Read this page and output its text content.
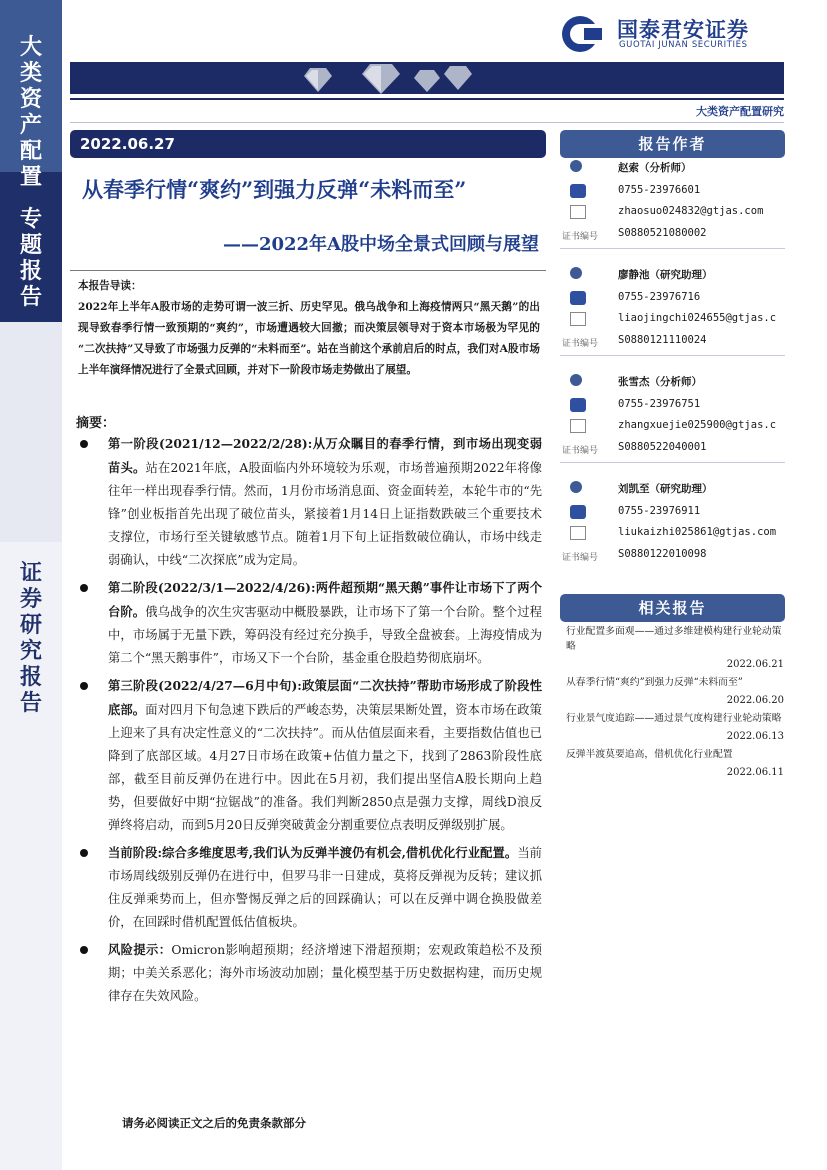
大
类
资
产
配
置
专
题
报
告
证
券
研
究
报
告
国泰君安证券
GUOTAI JUNAN SECURITIES
大类资产配置研究
2022.06.27
从春季行情“爽约”到强力反弹“未料而至”
——2022年A股中场全景式回顾与展望
本报告导读：
2022年上半年A股市场的走势可谓一波三折、历史罕见。俄乌战争和上海疫情两只“黑天鹅”的出现导致春季行情一致预期的“爽约”，市场遭遇较大回撤；而决策层领导对于资本市场极为罕见的 “二次扶持”又导致了市场强力反弹的“未料而至”。站在当前这个承前启后的时点，我们对A股市场上半年演绎情况进行了全景式回顾，并对下一阶段市场走势做出了展望。
摘要：
第一阶段(2021/12—2022/2/28):从万众瞩目的春季行情，到市场出现变弱苗头。站在2021年底，A股面临内外环境较为乐观，市场普遍预期2022年将像往年一样出现春季行情。然而，1月份市场消息面、资金面转差，本轮牛市的“先锋”创业板指首先出现了破位苗头，紧接着1月14日上证指数跌破三个重要技术支撑位，市场行至关键敏感节点。随着1月下旬上证指数破位确认，市场中线走弱确认，中线“二次探底”成为定局。
第二阶段(2022/3/1—2022/4/26):两件超预期“黑天鹅”事件让市场下了两个台阶。俄乌战争的次生灾害驱动中概股暴跌，让市场下了第一个台阶。整个过程中，市场属于无量下跌，筹码没有经过充分换手，导致全盘被套。上海疫情成为第二个“黑天鹅事件”，市场又下一个台阶，基金重仓股趋势彻底崩坏。
第三阶段(2022/4/27—6月中旬):政策层面“二次扶持”帮助市场形成了阶段性底部。面对四月下旬急速下跌后的严峻态势，决策层果断处置，资本市场在政策上迎来了具有决定性意义的“二次扶持”。而从估值层面来看，主要指数估值也已降到了底部区域。4月27日市场在政策+估值力量之下，找到了2863阶段性底部，截至目前反弹仍在进行中。因此在5月初，我们提出坚信A股长期向上趋势，但要做好中期“拉锯战”的准备。我们判断2850点是强力支撑，周线D浪反弹终将启动，而到5月20日反弹突破黄金分割重要位点表明反弹级别扩展。
当前阶段:综合多维度思考,我们认为反弹半渡仍有机会,借机优化行业配置。当前市场周线级别反弹仍在进行中，但罗马非一日建成，莫将反弹视为反转；建议抓住反弹乘势而上，但亦警惕反弹之后的回踩确认；可以在反弹中调仓换股做差价，在回踩时借机配置低估值板块。
风险提示：Omicron影响超预期；经济增速下滑超预期；宏观政策趋松不及预期；中美关系恶化；海外市场波动加剧；量化模型基于历史数据构建，而历史规律存在失效风险。
请务必阅读正文之后的免责条款部分
报告作者
赵索（分析师）
0755-23976601
zhaosuo024832@gtjas.com
证书编号 S0880521080002
廖静池（研究助理）
0755-23976716
liaojingchi024655@gtjas.c
证书编号 S0880121110024
张雪杰（分析师）
0755-23976751
zhangxuejie025900@gtjas.c
证书编号 S0880522040001
刘凯至（研究助理）
0755-23976911
liukaizhi025861@gtjas.com
证书编号 S0880122010098
相关报告
行业配置多面观——通过多维建模构建行业轮动策略
2022.06.21
从春季行情“爽约”到强力反弹“未料而至”
2022.06.20
行业景气度追踪——通过景气度构建行业轮动策略
2022.06.13
反弹半渡莫要追高，借机优化行业配置
2022.06.11
